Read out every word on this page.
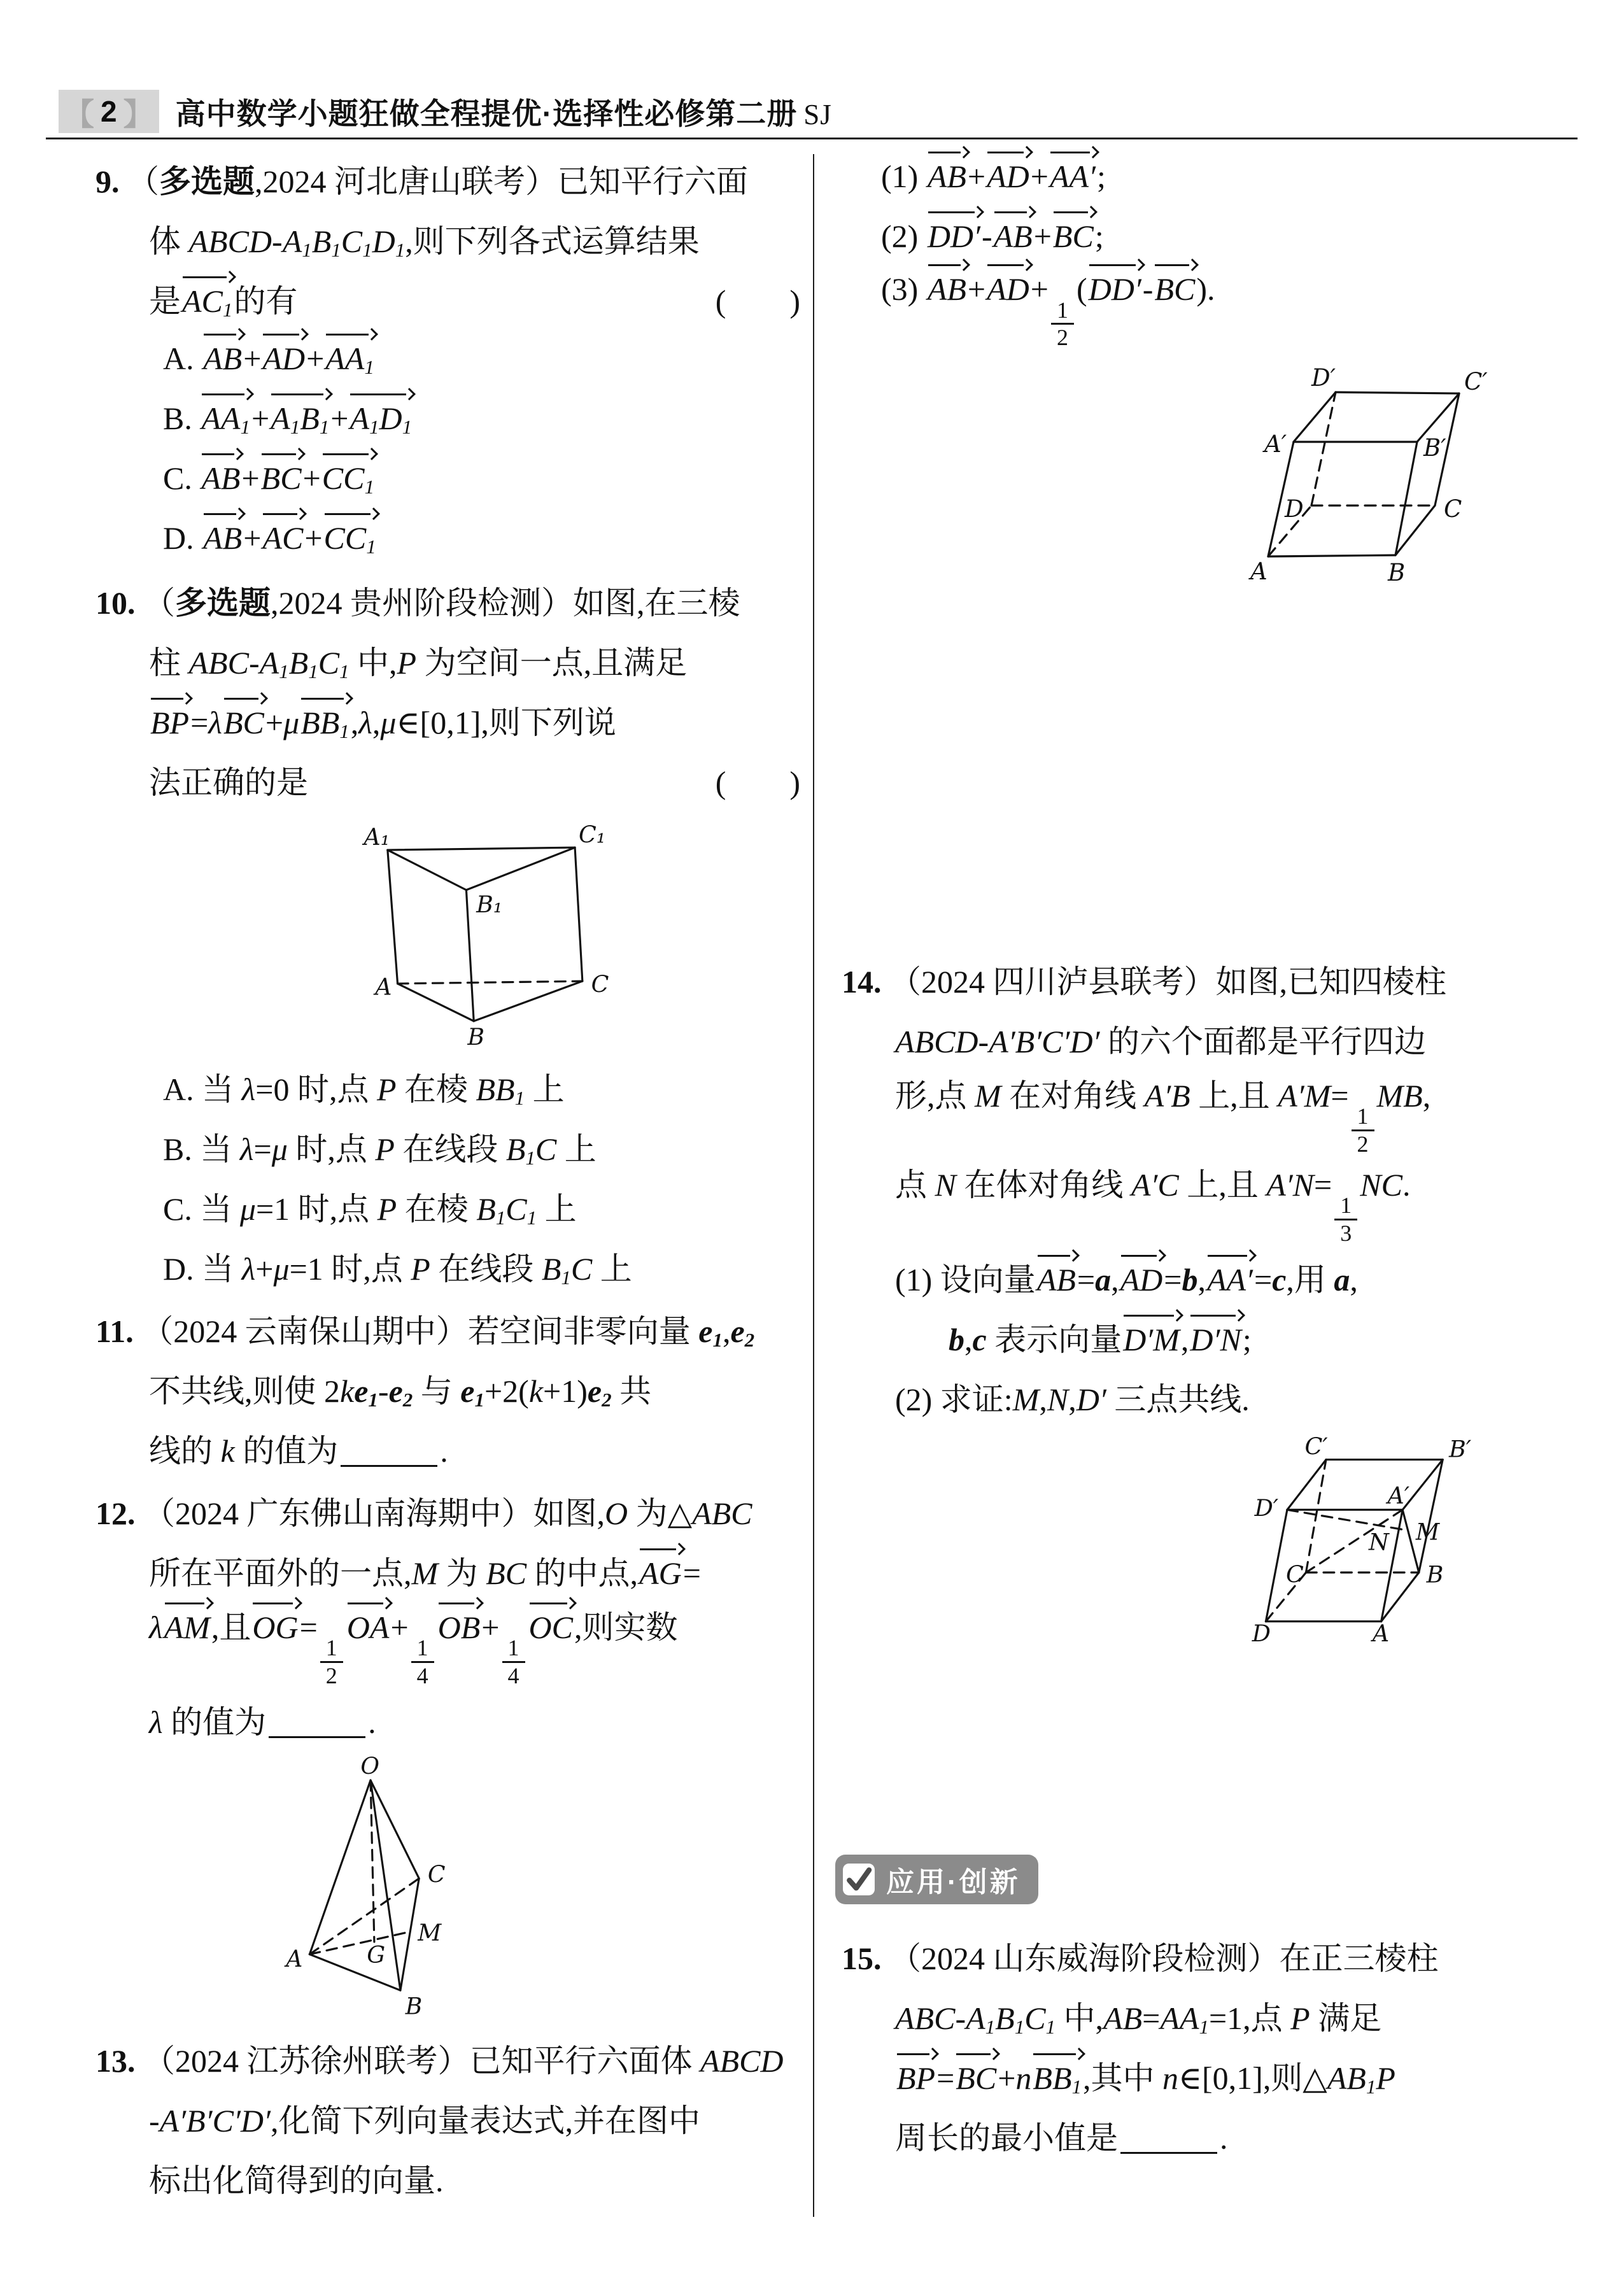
【 2 】 高中数学小题狂做全程提优·选择性必修第二册 SJ
9. （多选题,2024 河北唐山联考）已知平行六面
体 ABCD-$A_1B_1C_1D_1$,则下列各式运算结果
是$AC_1$的有	(　　)
A. $AB+AD+AA_1$
B. $AA_1+A_1B_1+A_1D_1$
C. $AB+BC+CC_1$
D. $AB+AC+CC_1$
10. （多选题,2024 贵州阶段检测）如图,在三棱
柱 ABC-$A_1B_1C_1$ 中,P 为空间一点,且满足
BP=λBC+μBB$_1$,λ,μ∈[0,1],则下列说
法正确的是	(　　)
A₁	C₁
B₁
A	C
B
A. 当 λ=0 时,点 P 在棱 $BB_1$ 上
B. 当 λ=μ 时,点 P 在线段 $B_1C$ 上
C. 当 μ=1 时,点 P 在棱 $B_1C_1$ 上
D. 当 λ+μ=1 时,点 P 在线段 $B_1C$ 上
11. （2024 云南保山期中）若空间非零向量 $e_1,e_2$
不共线,则使 $2ke_1-e_2$ 与 $e_1+2(k+1)e_2$ 共
线的 k 的值为	.
12. （2024 广东佛山南海期中）如图,O 为△ABC
所在平面外的一点,M 为 BC 的中点,AG=
λAM,且OG=
$\frac{1}{2}$
OA+
$\frac{1}{4}$
OB+
$\frac{1}{4}$
OC,则实数
λ 的值为	.
O
A
B
C
M
G
13. （2024 江苏徐州联考）已知平行六面体 ABCD
-A′B′C′D′,化简下列向量表达式,并在图中
标出化简得到的向量.
(1) AB+AD+AA′;
(2) DD′-AB+BC;
(3) AB+AD+
$\frac{1}{2}$
(DD′-BC).
D′	C′
A′	B′
D	C
A	B
14. （2024 四川泸县联考）如图,已知四棱柱
ABCD-A′B′C′D′ 的六个面都是平行四边
形,点 M 在对角线 A′B 上,且 A′M=
$\frac{1}{2}$
MB,
点 N 在体对角线 A′C 上,且 A′N=
$\frac{1}{3}$
NC.
(1) 设向量AB=a,AD=b,AA′=c,用 a,
b,c 表示向量D′M,D′N;
(2) 求证:M,N,D′ 三点共线.
C′	B′
A′
D′
M
N
C	B
D	A
应用·创新
15. （2024 山东威海阶段检测）在正三棱柱
ABC-$A_1B_1C_1$ 中$,AB=AA_1=1$,点 P 满足
BP=BC+nBB$_1$,其中 n∈[0,1],则$\triangle AB_1P$
周长的最小值是	.
